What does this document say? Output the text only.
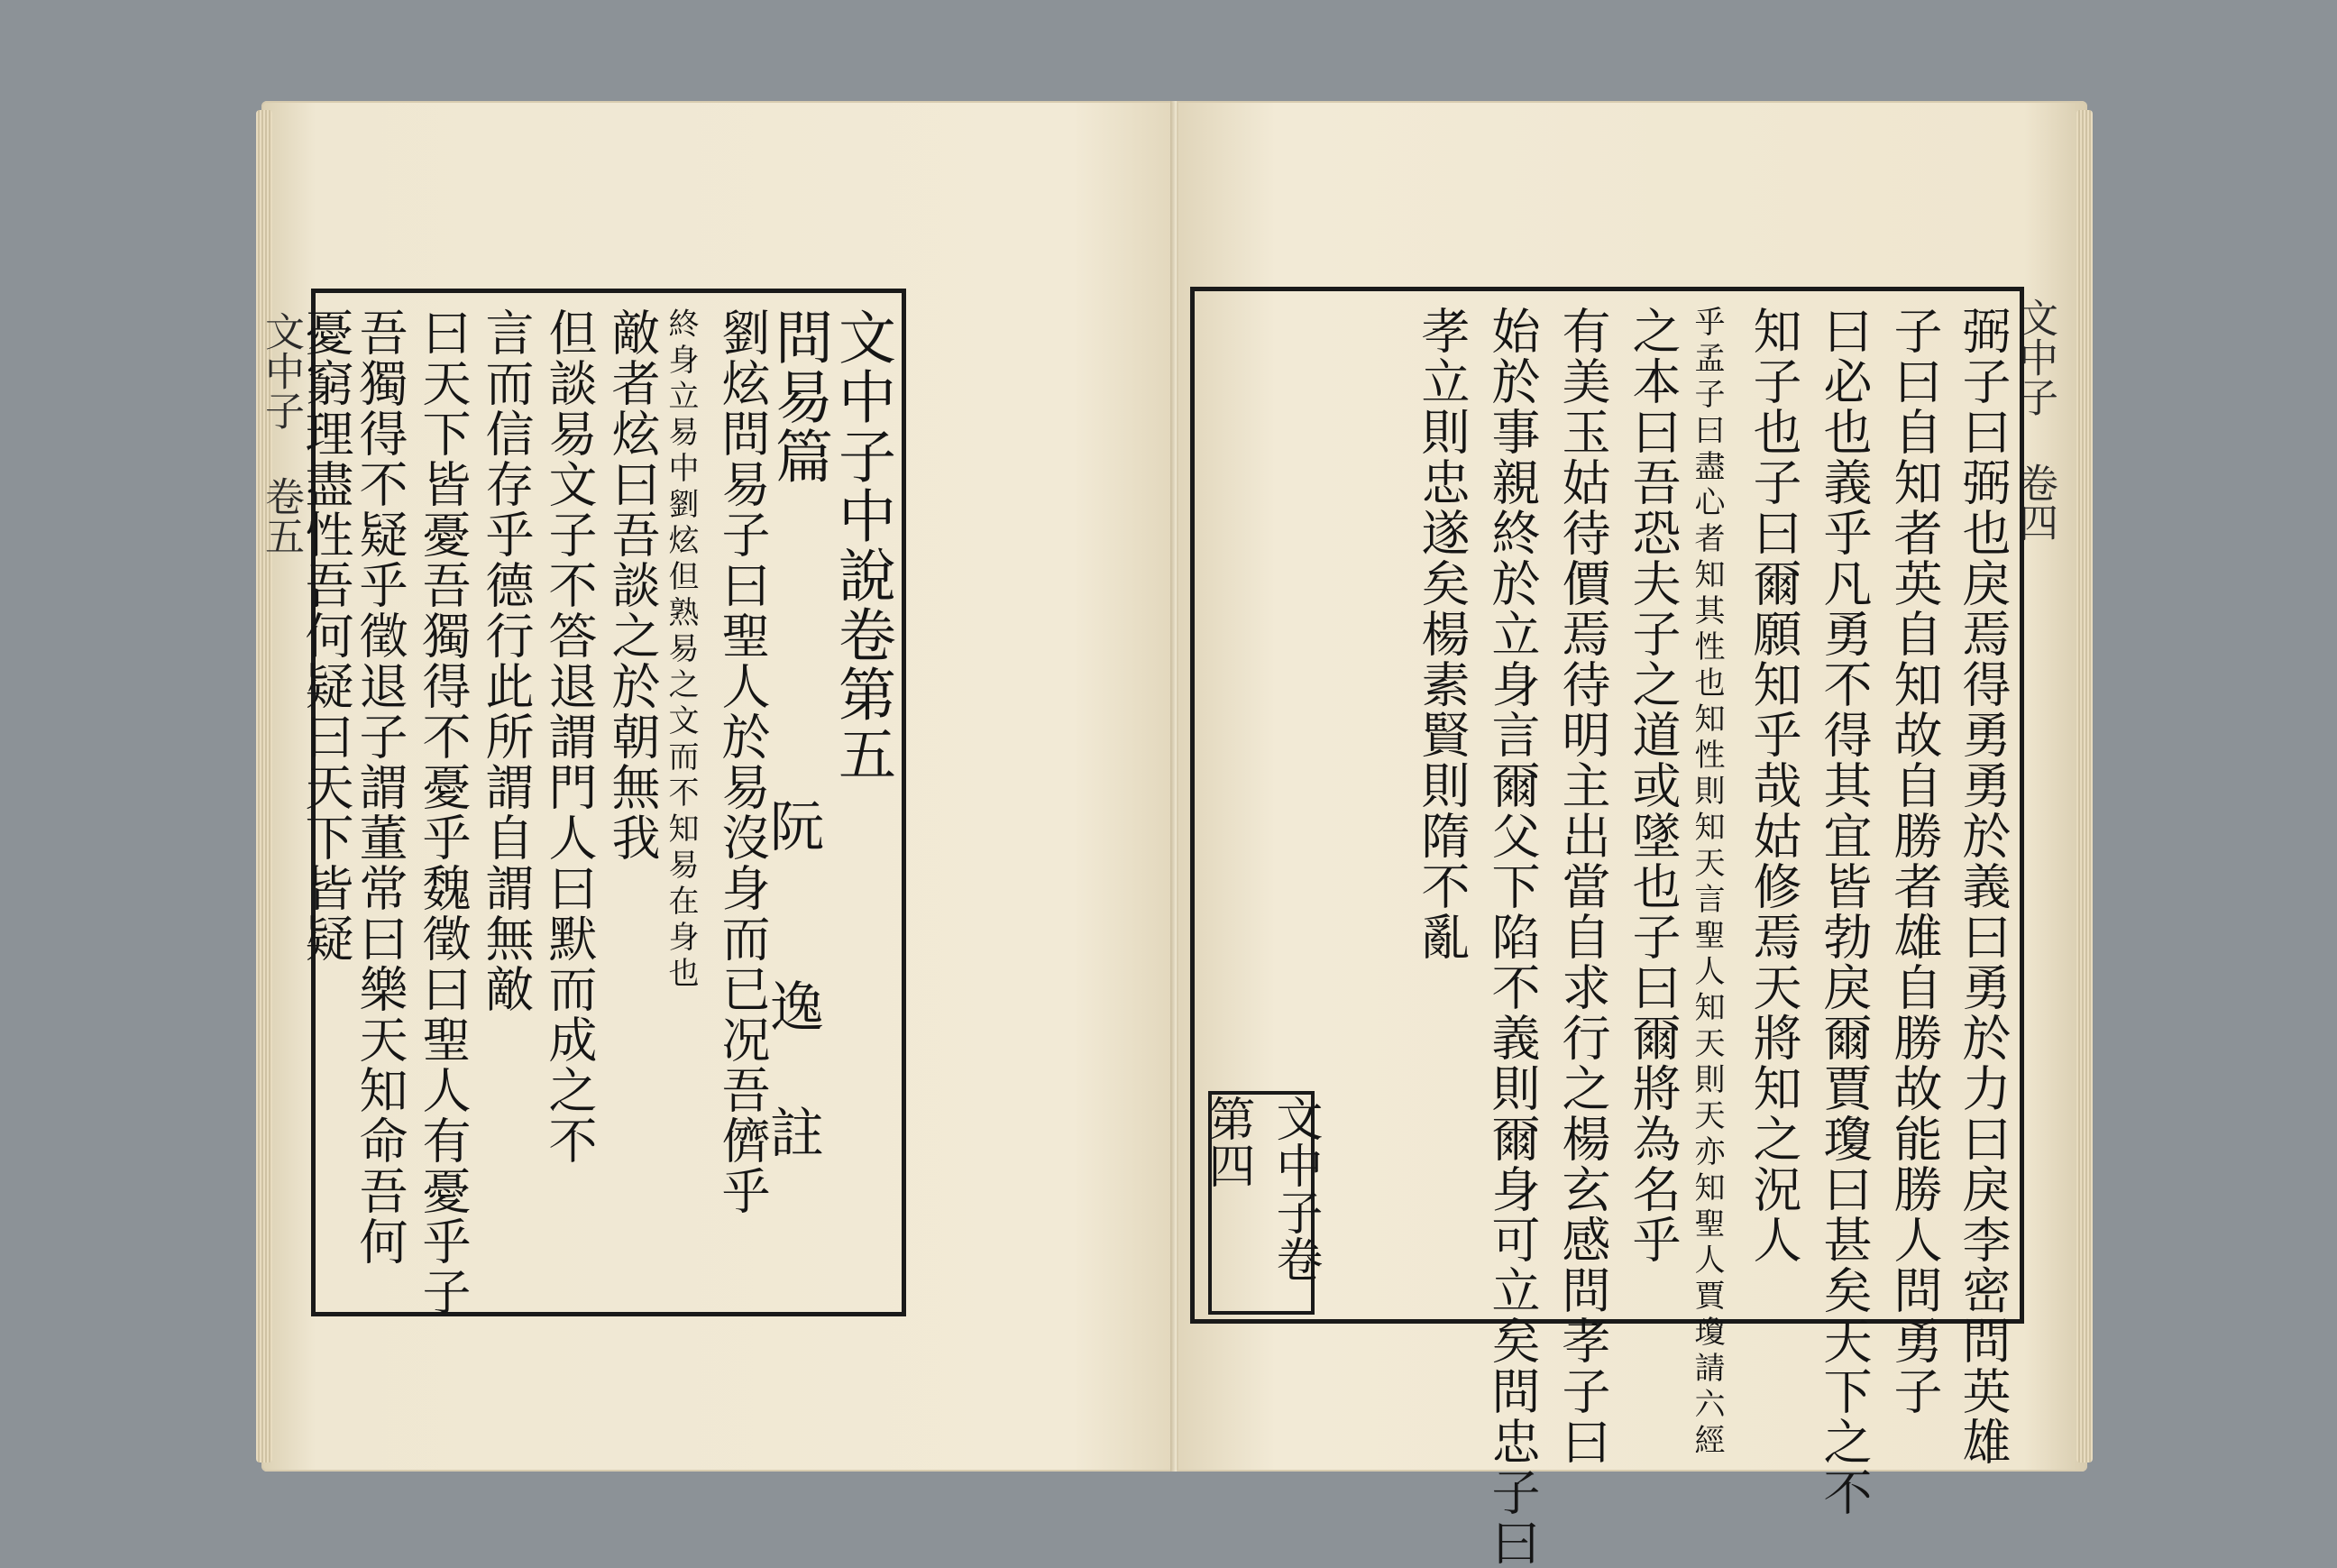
文中子 卷五	文中子中說卷第五
問易篇
阮
逸
註
劉炫問易子曰聖人於易沒身而已况吾儕乎
終身立易中劉炫但熟易之文而不知易在身也
敵者炫曰吾談之於朝無我
但談易文子不答退謂門人曰默而成之不
言而信存乎德行此所謂自謂無敵
曰天下皆憂吾獨得不憂乎魏徵曰聖人有憂乎子
吾獨得不疑乎徵退子謂董常曰樂天知命吾何
憂窮理盡性吾何疑曰天下皆疑	文中子 卷四
弼子曰弼也戾焉得勇勇於義曰勇於力曰戾李密問英雄
子曰自知者英自知故自勝者雄自勝故能勝人問勇子
曰必也義乎凡勇不得其宜皆勃戾爾賈瓊曰甚矣天下之不
知子也子曰爾願知乎哉姑修焉天將知之況人
乎孟子曰盡心者知其性也知性則知天言聖人知天則天亦知聖人賈瓊請六經
之本曰吾恐夫子之道或墜也子曰爾將為名乎
有美玉姑待價焉待明主出當自求行之楊玄感問孝子曰
始於事親終於立身言爾父下陷不義則爾身可立矣問忠子曰
孝立則忠遂矣楊素賢則隋不亂
文中子卷第四
